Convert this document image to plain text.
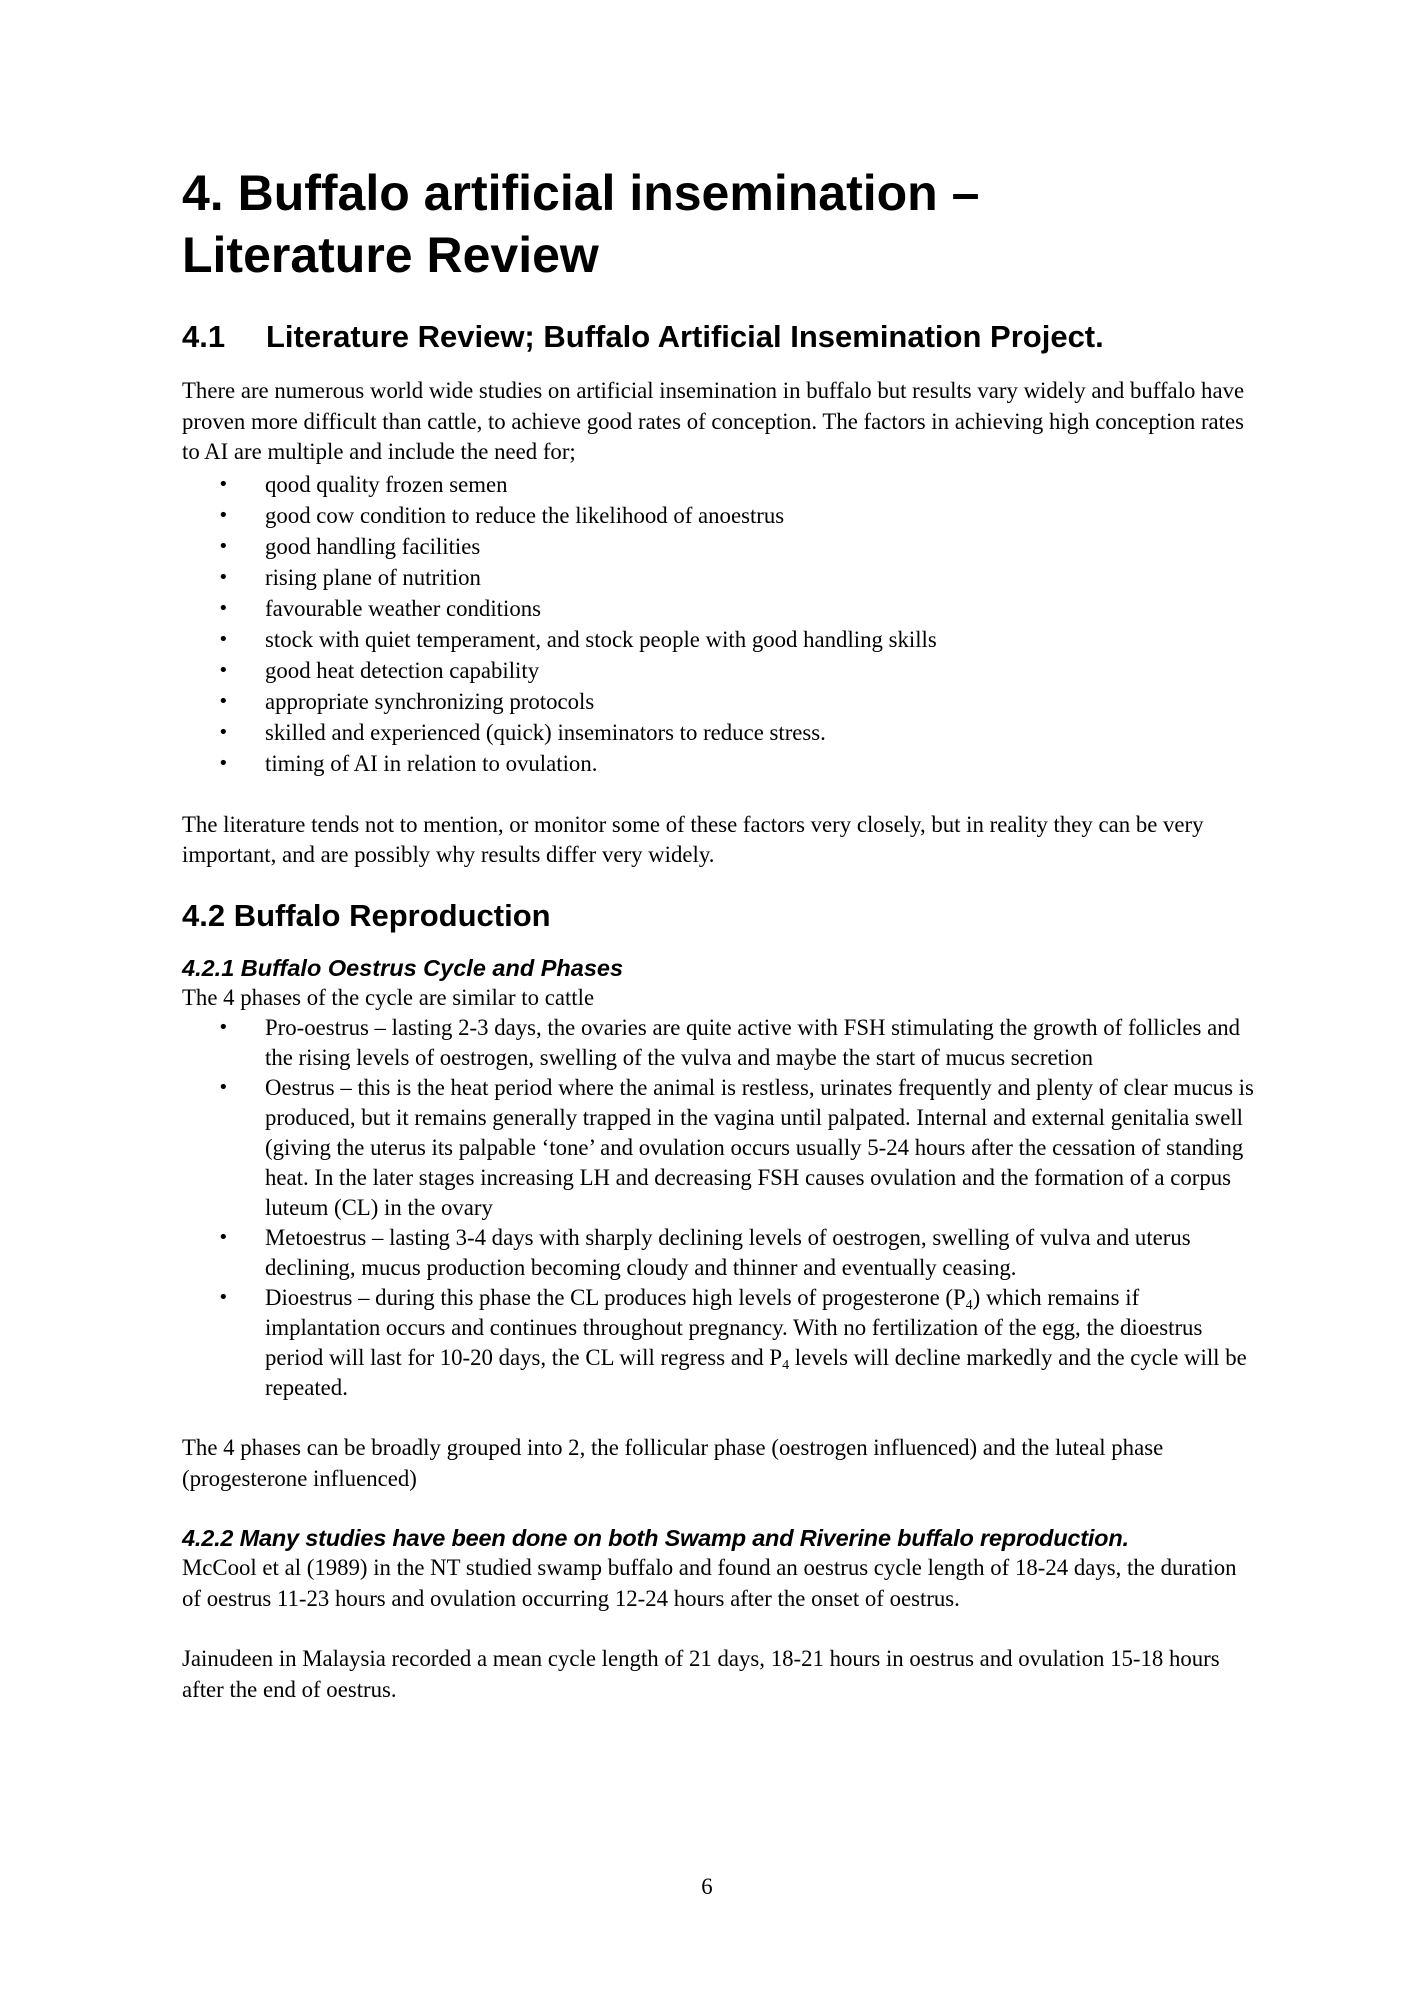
4. Buffalo artificial insemination –
Literature Review
4.1 Literature Review; Buffalo Artificial Insemination Project.

There are numerous world wide studies on artificial insemination in buffalo but results vary widely and buffalo have proven more difficult than cattle, to achieve good rates of conception. The factors in achieving high conception rates to AI are multiple and include the need for;

• qood quality frozen semen
• good cow condition to reduce the likelihood of anoestrus
• good handling facilities
• rising plane of nutrition
• favourable weather conditions
• stock with quiet temperament, and stock people with good handling skills
• good heat detection capability
• appropriate synchronizing protocols
• skilled and experienced (quick) inseminators to reduce stress.
• timing of AI in relation to ovulation.

The literature tends not to mention, or monitor some of these factors very closely, but in reality they can be very important, and are possibly why results differ very widely.

4.2 Buffalo Reproduction
4.2.1 Buffalo Oestrus Cycle and Phases

The 4 phases of the cycle are similar to cattle

• Pro-oestrus – lasting 2-3 days, the ovaries are quite active with FSH stimulating the growth of follicles and the rising levels of oestrogen, swelling of the vulva and maybe the start of mucus secretion
• Oestrus – this is the heat period where the animal is restless, urinates frequently and plenty of clear mucus is produced, but it remains generally trapped in the vagina until palpated. Internal and external genitalia swell (giving the uterus its palpable ‘tone’ and ovulation occurs usually 5-24 hours after the cessation of standing heat. In the later stages increasing LH and decreasing FSH causes ovulation and the formation of a corpus luteum (CL) in the ovary
• Metoestrus – lasting 3-4 days with sharply declining levels of oestrogen, swelling of vulva and uterus declining, mucus production becoming cloudy and thinner and eventually ceasing.
• Dioestrus – during this phase the CL produces high levels of progesterone $(P_4)$ which remains if implantation occurs and continues throughout pregnancy. With no fertilization of the egg, the dioestrus period will last for 10-20 days, the CL will regress and $P_4$ levels will decline markedly and the cycle will be repeated.

The 4 phases can be broadly grouped into 2, the follicular phase (oestrogen influenced) and the luteal phase (progesterone influenced)

4.2.2 Many studies have been done on both Swamp and Riverine buffalo reproduction.

McCool et al (1989) in the NT studied swamp buffalo and found an oestrus cycle length of 18-24 days, the duration of oestrus 11-23 hours and ovulation occurring 12-24 hours after the onset of oestrus.

Jainudeen in Malaysia recorded a mean cycle length of 21 days, 18-21 hours in oestrus and ovulation 15-18 hours after the end of oestrus.

6
